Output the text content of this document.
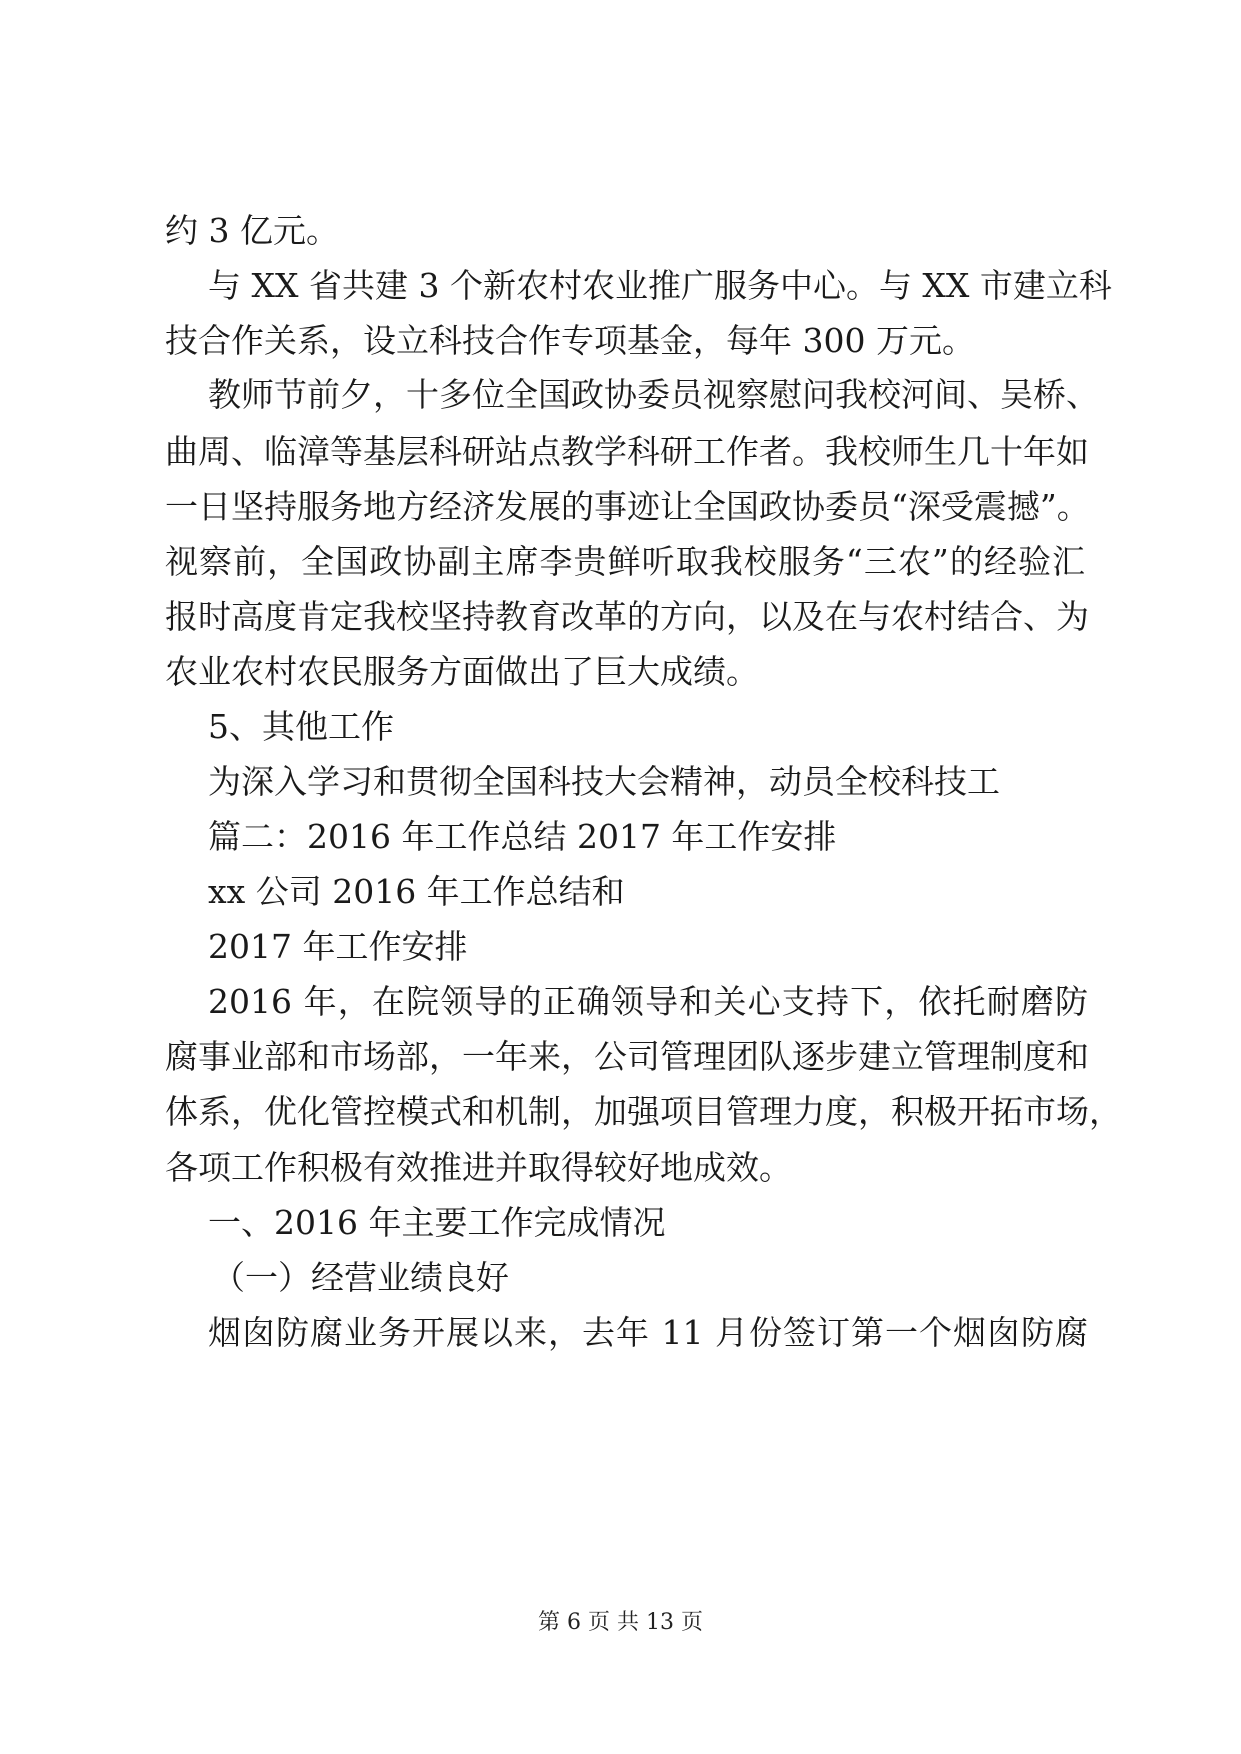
约 3 亿元。
与 XX 省共建 3 个新农村农业推广服务中心。与 XX 市建立科
技合作关系，设立科技合作专项基金，每年 300 万元。
教师节前夕，十多位全国政协委员视察慰问我校河间、吴桥、
曲周、临漳等基层科研站点教学科研工作者。我校师生几十年如
一日坚持服务地方经济发展的事迹让全国政协委员“深受震撼”。
视察前，全国政协副主席李贵鲜听取我校服务“三农”的经验汇
报时高度肯定我校坚持教育改革的方向，以及在与农村结合、为
农业农村农民服务方面做出了巨大成绩。
5、其他工作
为深入学习和贯彻全国科技大会精神，动员全校科技工
篇二：2016 年工作总结 2017 年工作安排
xx 公司 2016 年工作总结和
2017 年工作安排
2016 年，在院领导的正确领导和关心支持下，依托耐磨防
腐事业部和市场部，一年来，公司管理团队逐步建立管理制度和
体系，优化管控模式和机制，加强项目管理力度，积极开拓市场，
各项工作积极有效推进并取得较好地成效。
一、2016 年主要工作完成情况
（一）经营业绩良好
烟囱防腐业务开展以来，去年 11 月份签订第一个烟囱防腐
第 6 页 共 13 页
